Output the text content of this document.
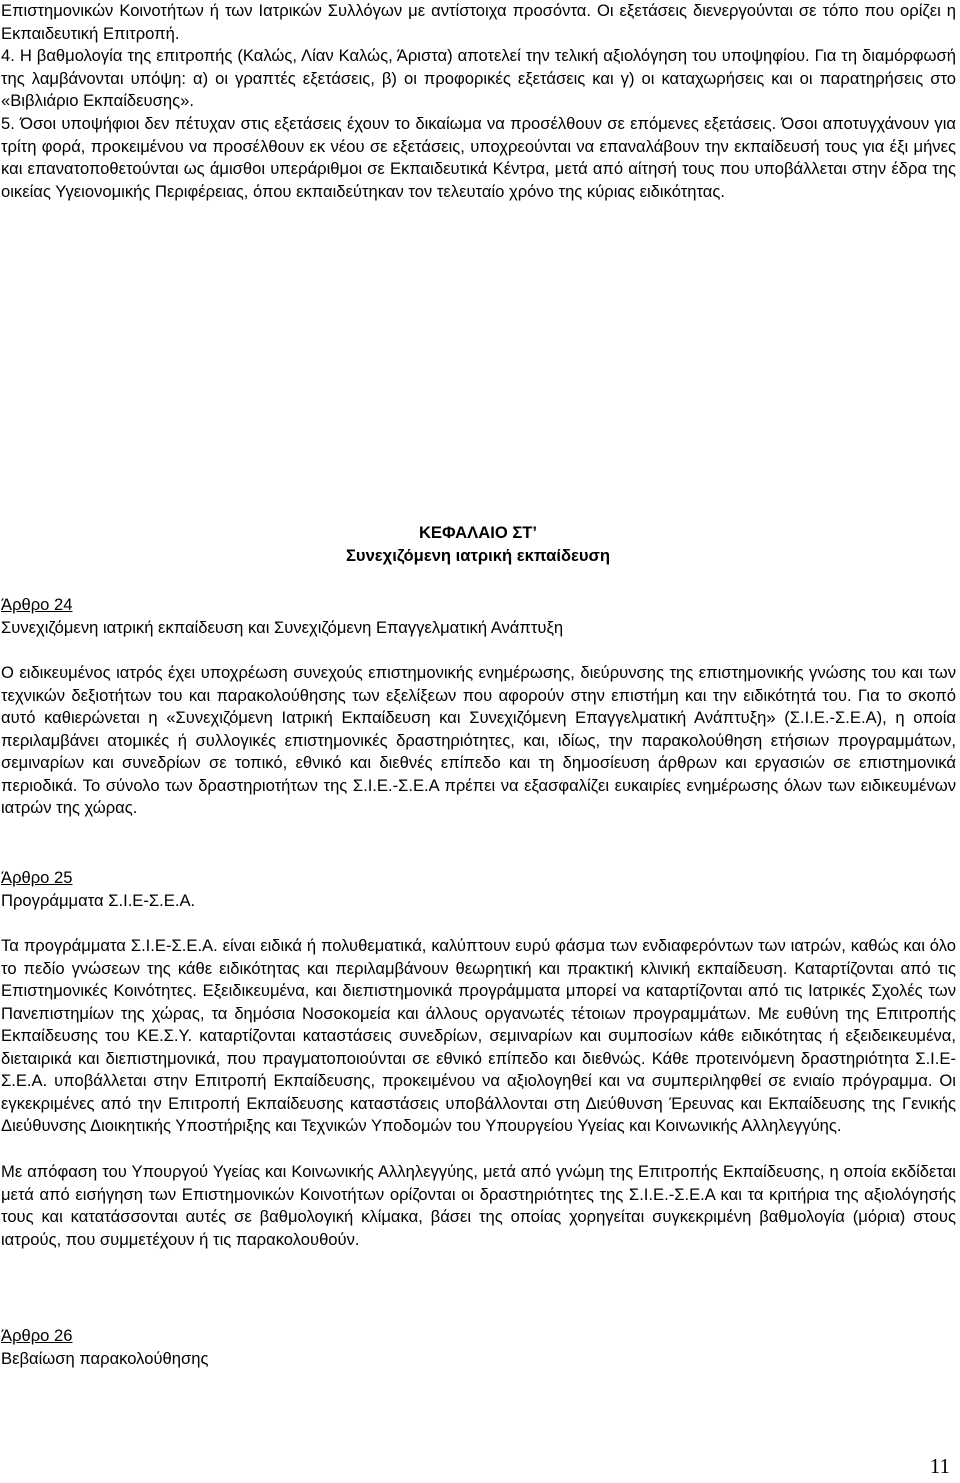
Επιστημονικών Κοινοτήτων ή των Ιατρικών Συλλόγων με αντίστοιχα προσόντα. Οι εξετάσεις διενεργούνται σε τόπο που ορίζει η Εκπαιδευτική Επιτροπή.

4. Η βαθμολογία της επιτροπής (Καλώς, Λίαν Καλώς, Άριστα) αποτελεί την τελική αξιολόγηση του υποψηφίου. Για τη διαμόρφωσή της λαμβάνονται υπόψη: α) οι γραπτές εξετάσεις, β) οι προφορικές εξετάσεις και γ) οι καταχωρήσεις και οι παρατηρήσεις στο «Βιβλιάριο Εκπαίδευσης».

5. Όσοι υποψήφιοι δεν πέτυχαν στις εξετάσεις έχουν το δικαίωμα να προσέλθουν σε επόμενες εξετάσεις. Όσοι αποτυγχάνουν για τρίτη φορά, προκειμένου να προσέλθουν εκ νέου σε εξετάσεις, υποχρεούνται να επαναλάβουν την εκπαίδευσή τους για έξι μήνες και επανατοποθετούνται ως άμισθοι υπεράριθμοι σε Εκπαιδευτικά Κέντρα, μετά από αίτησή τους που υποβάλλεται στην έδρα της οικείας Υγειονομικής Περιφέρειας, όπου εκπαιδεύτηκαν τον τελευταίο χρόνο της κύριας ειδικότητας.

ΚΕΦΑΛΑΙΟ ΣΤ’
Συνεχιζόμενη ιατρική εκπαίδευση
Άρθρο 24
Συνεχιζόμενη ιατρική εκπαίδευση και Συνεχιζόμενη Επαγγελματική Ανάπτυξη

Ο ειδικευμένος ιατρός έχει υποχρέωση συνεχούς επιστημονικής ενημέρωσης, διεύρυνσης της επιστημονικής γνώσης του και των τεχνικών δεξιοτήτων του και παρακολούθησης των εξελίξεων που αφορούν στην επιστήμη και την ειδικότητά του. Για το σκοπό αυτό καθιερώνεται η «Συνεχιζόμενη Ιατρική Εκπαίδευση και Συνεχιζόμενη Επαγγελματική Ανάπτυξη» (Σ.Ι.Ε.-Σ.Ε.Α), η οποία περιλαμβάνει ατομικές ή συλλογικές επιστημονικές δραστηριότητες, και, ιδίως, την παρακολούθηση ετήσιων προγραμμάτων, σεμιναρίων και συνεδρίων σε τοπικό, εθνικό και διεθνές επίπεδο και τη δημοσίευση άρθρων και εργασιών σε επιστημονικά περιοδικά. Το σύνολο των δραστηριοτήτων της Σ.Ι.Ε.-Σ.Ε.Α πρέπει να εξασφαλίζει ευκαιρίες ενημέρωσης όλων των ειδικευμένων ιατρών της χώρας.

Άρθρο 25
Προγράμματα Σ.Ι.Ε-Σ.Ε.Α.

Τα προγράμματα Σ.Ι.Ε-Σ.Ε.Α. είναι ειδικά ή πολυθεματικά, καλύπτουν ευρύ φάσμα των ενδιαφερόντων των ιατρών, καθώς και όλο το πεδίο γνώσεων της κάθε ειδικότητας και περιλαμβάνουν θεωρητική και πρακτική κλινική εκπαίδευση. Καταρτίζονται από τις Επιστημονικές Κοινότητες. Εξειδικευμένα, και διεπιστημονικά προγράμματα μπορεί να καταρτίζονται από τις Ιατρικές Σχολές των Πανεπιστημίων της χώρας, τα δημόσια Νοσοκομεία και άλλους οργανωτές τέτοιων προγραμμάτων. Με ευθύνη της Επιτροπής Εκπαίδευσης του ΚΕ.Σ.Υ. καταρτίζονται καταστάσεις συνεδρίων, σεμιναρίων και συμποσίων κάθε ειδικότητας ή εξειδεικευμένα, διεταιρικά και διεπιστημονικά, που πραγματοποιούνται σε εθνικό επίπεδο και διεθνώς. Κάθε προτεινόμενη δραστηριότητα Σ.Ι.Ε-Σ.Ε.Α. υποβάλλεται στην Επιτροπή Εκπαίδευσης, προκειμένου να αξιολογηθεί και να συμπεριληφθεί σε ενιαίο πρόγραμμα. Οι εγκεκριμένες από την Επιτροπή Εκπαίδευσης καταστάσεις υποβάλλονται στη Διεύθυνση Έρευνας και Εκπαίδευσης της Γενικής Διεύθυνσης Διοικητικής Υποστήριξης και Τεχνικών Υποδομών του Υπουργείου Υγείας και Κοινωνικής Αλληλεγγύης.

Με απόφαση του Υπουργού Υγείας και Κοινωνικής Αλληλεγγύης, μετά από γνώμη της Επιτροπής Εκπαίδευσης, η οποία εκδίδεται μετά από εισήγηση των Επιστημονικών Κοινοτήτων ορίζονται οι δραστηριότητες της Σ.Ι.Ε.-Σ.Ε.Α και τα κριτήρια της αξιολόγησής τους και κατατάσσονται αυτές σε βαθμολογική κλίμακα, βάσει της οποίας χορηγείται συγκεκριμένη βαθμολογία (μόρια) στους ιατρούς, που συμμετέχουν ή τις παρακολουθούν.

Άρθρο 26
Βεβαίωση παρακολούθησης
11
